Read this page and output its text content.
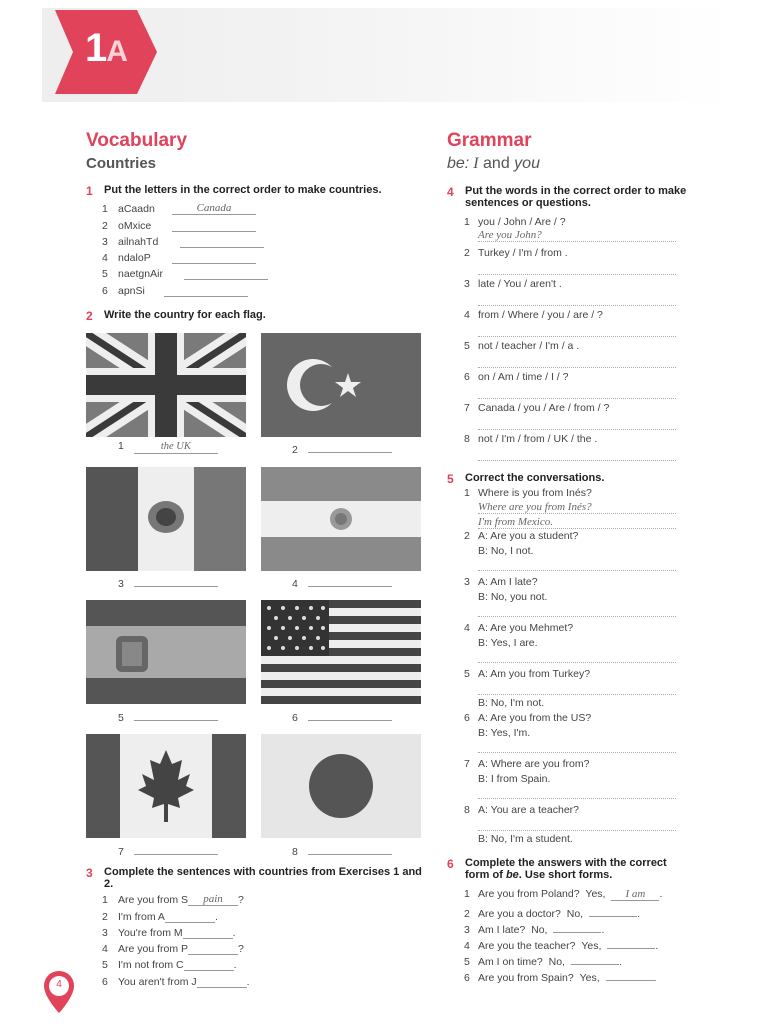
1A
Vocabulary
Countries
1	Put the letters in the correct order to make countries.
1 aCaadn	Canada
2 oMxice
3 ailnahTd
4 ndaloP
5 naetgnAir
6 apnSi
2	Write the country for each flag.
1	the UK	2
3	4
5	6
7	8
3	Complete the sentences with countries from Exercises 1 and 2.
1 Are you from S	pain	?
2 I'm from A	.
3 You're from M	.
4 Are you from P	?
5 I'm not from C	.
6 You aren't from J	.
Grammar
be: I and you
4	Put the words in the correct order to make
sentences or questions.
1 you / John / Are / ?
Are you John?
2 Turkey / I'm / from .
3 late / You / aren't .
4 from / Where / you / are / ?
5 not / teacher / I'm / a .
6 on / Am / time / I / ?
7 Canada / you / Are / from / ?
8 not / I'm / from / UK / the .
5	Correct the conversations.
1 Where is you from Inés?
Where are you from Inés?
I'm from Mexico.
2 A: Are you a student?
B: No, I not.
3 A: Am I late?
B: No, you not.
4 A: Are you Mehmet?
B: Yes, I are.
5 A: Am you from Turkey?
B: No, I'm not.
6 A: Are you from the US?
B: Yes, I'm.
7 A: Where are you from?
B: I from Spain.
8 A: You are a teacher?
B: No, I'm a student.
6	Complete the answers with the correct
form of be. Use short forms.
1 Are you from Poland? Yes, I am .
2 Are you a doctor? No,	.
3 Am I late? No,	.
4 Are you the teacher? Yes,	.
5 Am I on time? No,	.
6 Are you from Spain? Yes,	.
4
